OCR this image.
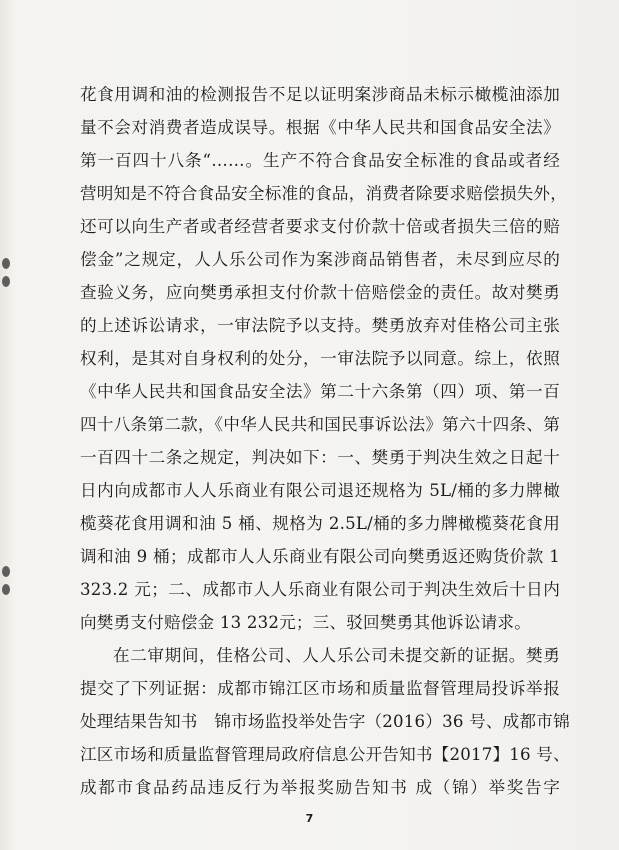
花食用调和油的检测报告不足以证明案涉商品未标示橄榄油添加
量不会对消费者造成误导。根据《中华人民共和国食品安全法》
第一百四十八条“……。生产不符合食品安全标准的食品或者经
营明知是不符合食品安全标准的食品，消费者除要求赔偿损失外，
还可以向生产者或者经营者要求支付价款十倍或者损失三倍的赔
偿金”之规定，人人乐公司作为案涉商品销售者，未尽到应尽的
查验义务，应向樊勇承担支付价款十倍赔偿金的责任。故对樊勇
的上述诉讼请求，一审法院予以支持。樊勇放弃对佳格公司主张
权利，是其对自身权利的处分，一审法院予以同意。综上，依照
《中华人民共和国食品安全法》第二十六条第（四）项、第一百
四十八条第二款，《中华人民共和国民事诉讼法》第六十四条、第
一百四十二条之规定，判决如下：一、樊勇于判决生效之日起十
日内向成都市人人乐商业有限公司退还规格为 5L/桶的多力牌橄
榄葵花食用调和油 5 桶、规格为 2.5L/桶的多力牌橄榄葵花食用
调和油 9 桶；成都市人人乐商业有限公司向樊勇返还购货价款 1
323.2 元；二、成都市人人乐商业有限公司于判决生效后十日内
向樊勇支付赔偿金 13 232元；三、驳回樊勇其他诉讼请求。
在二审期间，佳格公司、人人乐公司未提交新的证据。樊勇
提交了下列证据：成都市锦江区市场和质量监督管理局投诉举报
处理结果告知书　锦市场监投举处告字（2016）36 号、成都市锦
江区市场和质量监督管理局政府信息公开告知书【2017】16 号、
成都市食品药品违反行为举报奖励告知书 成（锦）举奖告字
7
